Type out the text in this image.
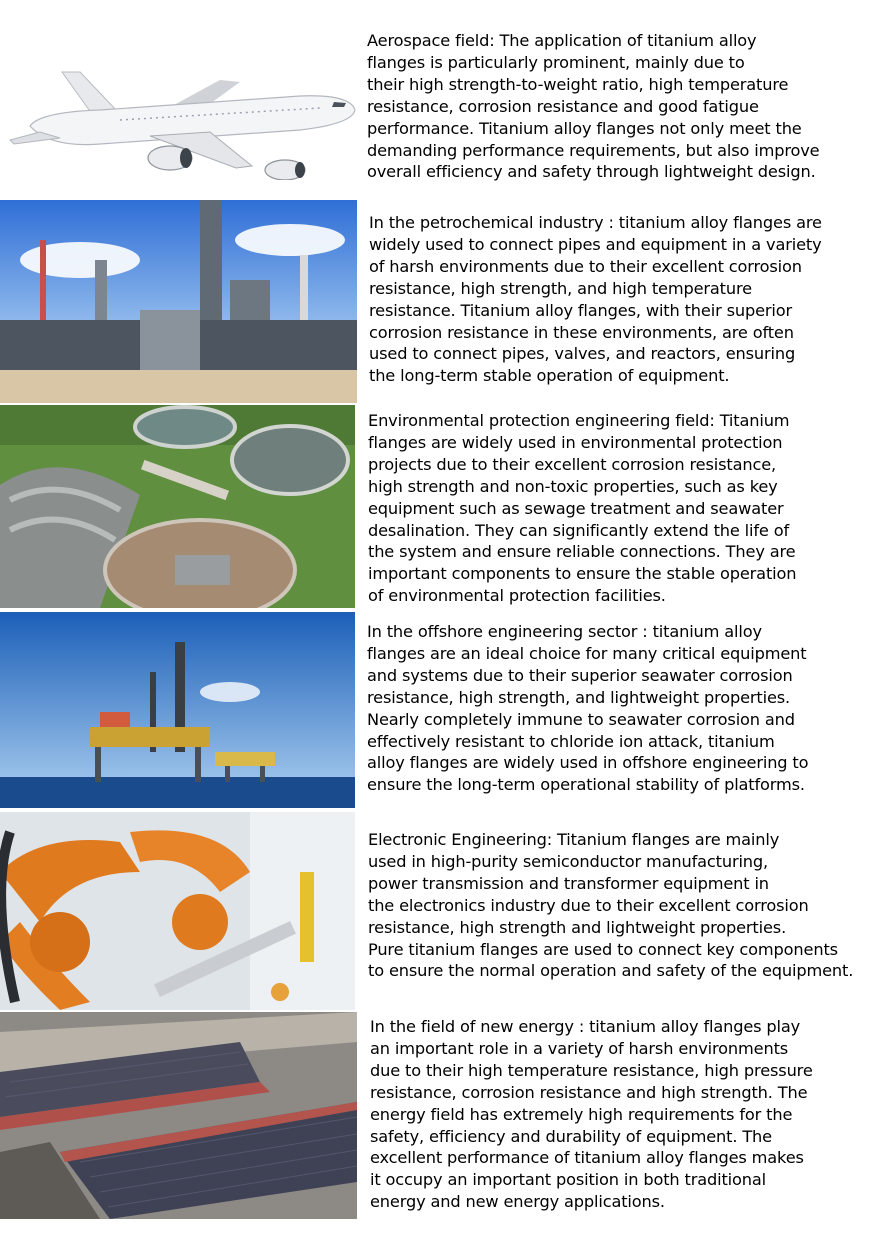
Aerospace field: The application of titanium alloy
flanges is particularly prominent, mainly due to
their high strength-to-weight ratio, high temperature
resistance, corrosion resistance and good fatigue
performance. Titanium alloy flanges not only meet the
demanding performance requirements, but also improve
overall efficiency and safety through lightweight design.

In the petrochemical industry : titanium alloy flanges are
widely used to connect pipes and equipment in a variety
of harsh environments due to their excellent corrosion
resistance, high strength, and high temperature
resistance. Titanium alloy flanges, with their superior
corrosion resistance in these environments, are often
used to connect pipes, valves, and reactors, ensuring
the long-term stable operation of equipment.

Environmental protection engineering field: Titanium
flanges are widely used in environmental protection
projects due to their excellent corrosion resistance,
high strength and non-toxic properties, such as key
equipment such as sewage treatment and seawater
desalination. They can significantly extend the life of
the system and ensure reliable connections. They are
important components to ensure the stable operation
of environmental protection facilities.

In the offshore engineering sector : titanium alloy
flanges are an ideal choice for many critical equipment
and systems due to their superior seawater corrosion
resistance, high strength, and lightweight properties.
Nearly completely immune to seawater corrosion and
effectively resistant to chloride ion attack, titanium
alloy flanges are widely used in offshore engineering to
ensure the long-term operational stability of platforms.

Electronic Engineering: Titanium flanges are mainly
used in high-purity semiconductor manufacturing,
power transmission and transformer equipment in
the electronics industry due to their excellent corrosion
resistance, high strength and lightweight properties.
Pure titanium flanges are used to connect key components
to ensure the normal operation and safety of the equipment.

In the field of new energy : titanium alloy flanges play
an important role in a variety of harsh environments
due to their high temperature resistance, high pressure
resistance, corrosion resistance and high strength. The
energy field has extremely high requirements for the
safety, efficiency and durability of equipment. The
excellent performance of titanium alloy flanges makes
it occupy an important position in both traditional
energy and new energy applications.
